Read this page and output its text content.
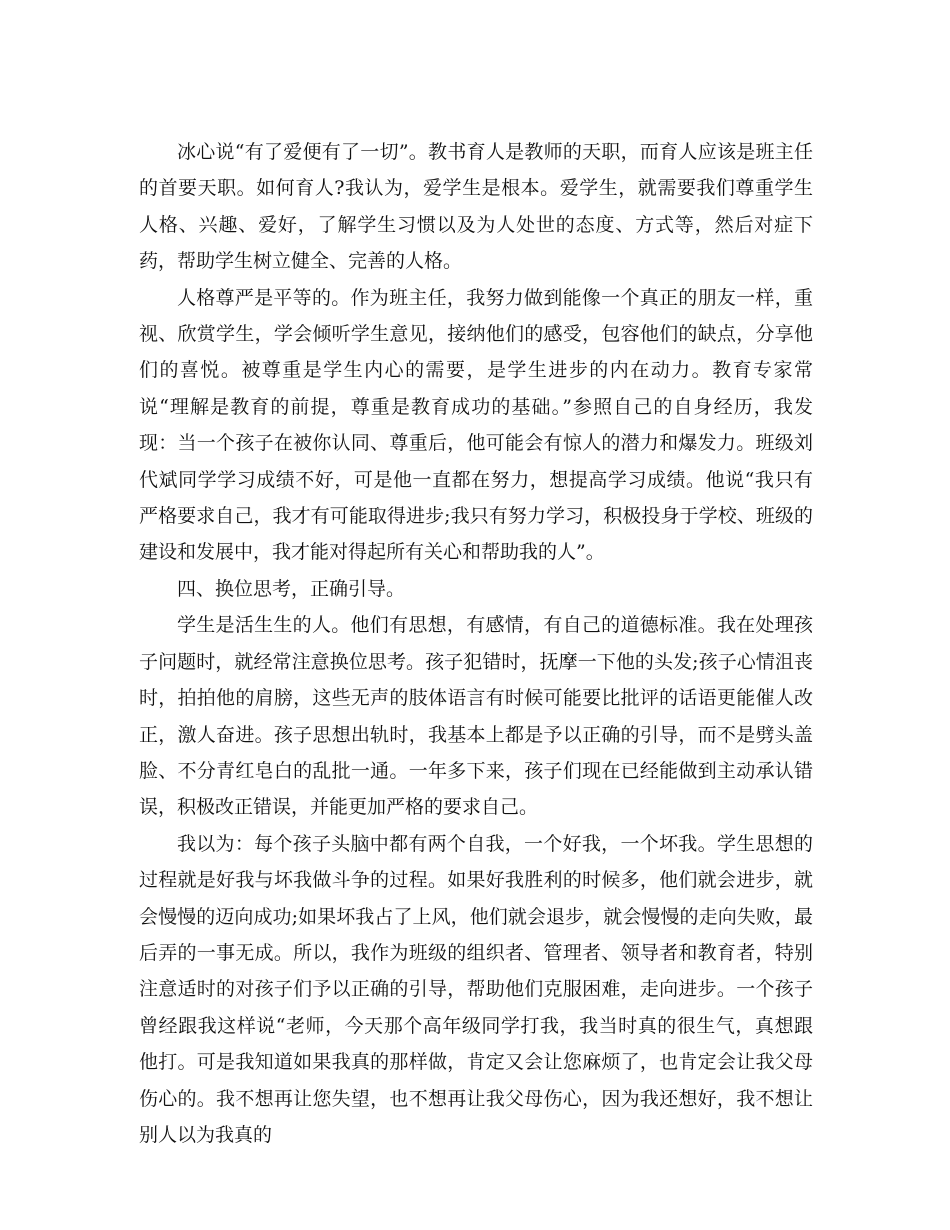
冰心说“有了爱便有了一切”。教书育人是教师的天职，而育人应该是班主任的首要天职。如何育人?我认为，爱学生是根本。爱学生，就需要我们尊重学生人格、兴趣、爱好，了解学生习惯以及为人处世的态度、方式等，然后对症下药，帮助学生树立健全、完善的人格。

人格尊严是平等的。作为班主任，我努力做到能像一个真正的朋友一样，重视、欣赏学生，学会倾听学生意见，接纳他们的感受，包容他们的缺点，分享他们的喜悦。被尊重是学生内心的需要，是学生进步的内在动力。教育专家常说“理解是教育的前提，尊重是教育成功的基础。”参照自己的自身经历，我发现：当一个孩子在被你认同、尊重后，他可能会有惊人的潜力和爆发力。班级刘代斌同学学习成绩不好，可是他一直都在努力，想提高学习成绩。他说“我只有严格要求自己，我才有可能取得进步;我只有努力学习，积极投身于学校、班级的建设和发展中，我才能对得起所有关心和帮助我的人”。

四、换位思考，正确引导。

学生是活生生的人。他们有思想，有感情，有自己的道德标准。我在处理孩子问题时，就经常注意换位思考。孩子犯错时，抚摩一下他的头发;孩子心情沮丧时，拍拍他的肩膀，这些无声的肢体语言有时候可能要比批评的话语更能催人改正，激人奋进。孩子思想出轨时，我基本上都是予以正确的引导，而不是劈头盖脸、不分青红皂白的乱批一通。一年多下来，孩子们现在已经能做到主动承认错误，积极改正错误，并能更加严格的要求自己。

我以为：每个孩子头脑中都有两个自我，一个好我，一个坏我。学生思想的过程就是好我与坏我做斗争的过程。如果好我胜利的时候多，他们就会进步，就会慢慢的迈向成功;如果坏我占了上风，他们就会退步，就会慢慢的走向失败，最后弄的一事无成。所以，我作为班级的组织者、管理者、领导者和教育者，特别注意适时的对孩子们予以正确的引导，帮助他们克服困难，走向进步。一个孩子曾经跟我这样说“老师，今天那个高年级同学打我，我当时真的很生气，真想跟他打。可是我知道如果我真的那样做，肯定又会让您麻烦了，也肯定会让我父母伤心的。我不想再让您失望，也不想再让我父母伤心，因为我还想好，我不想让别人以为我真的
